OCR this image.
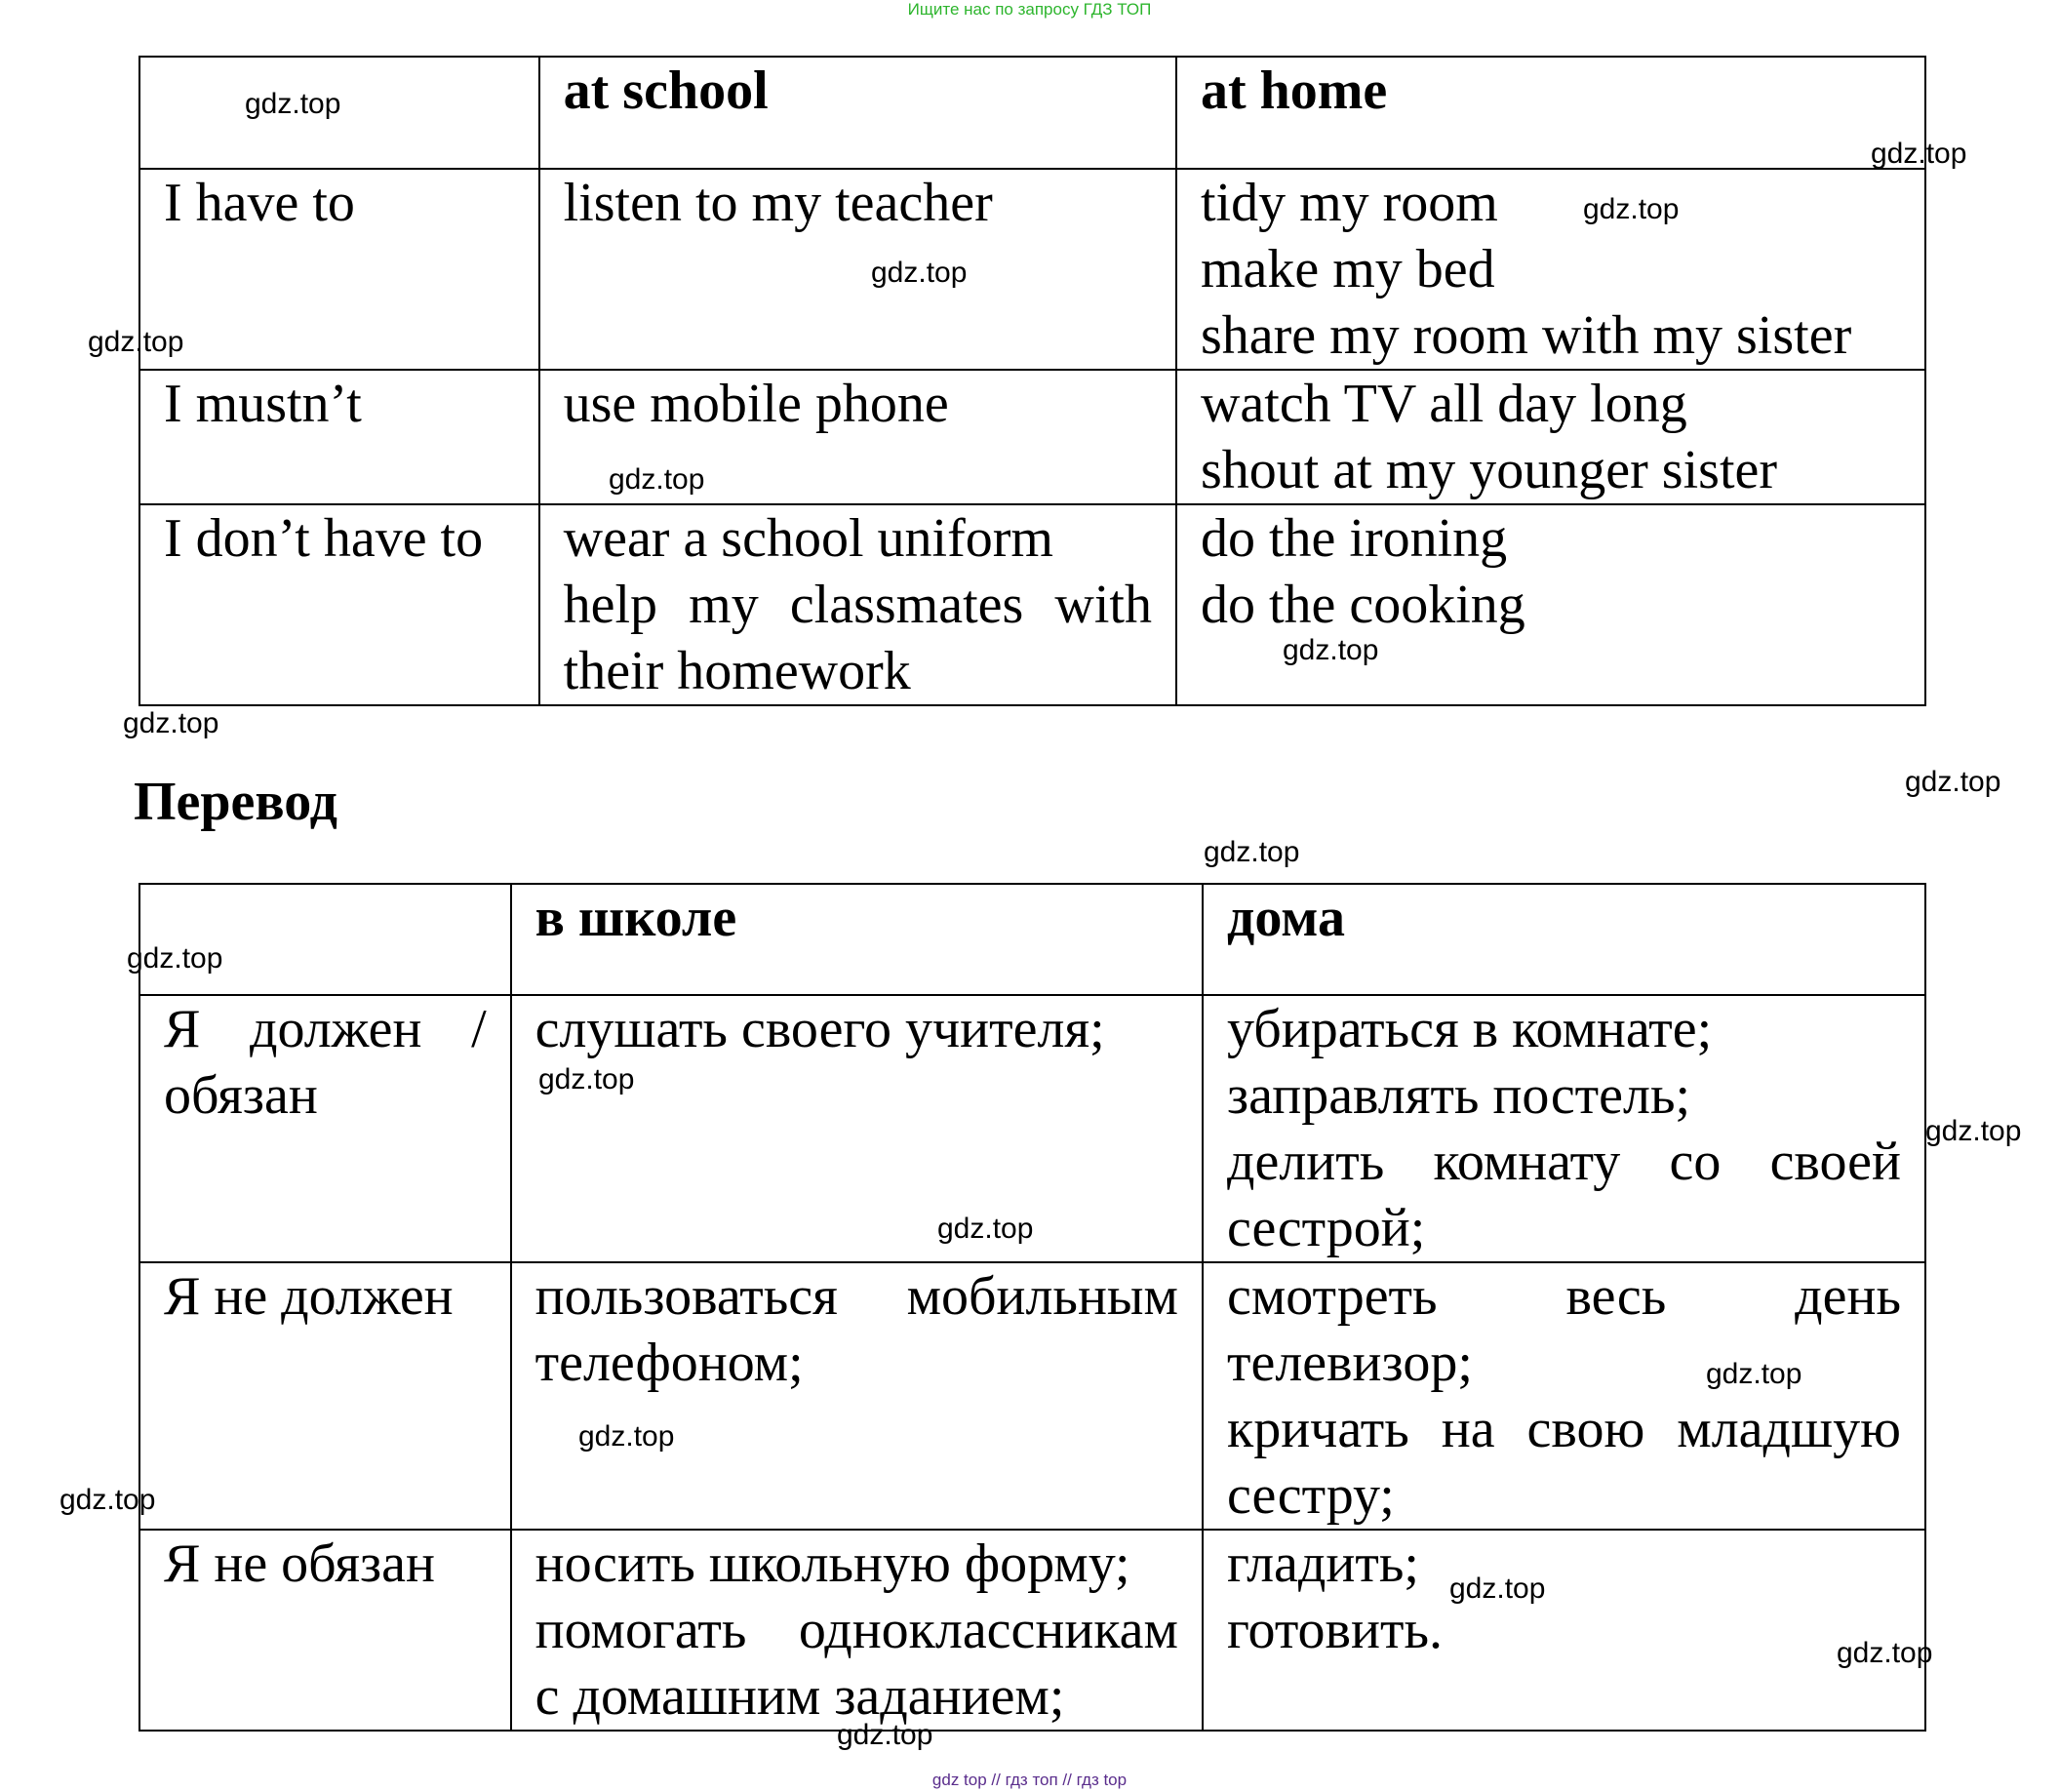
Ищите нас по запросу ГДЗ ТОП
	at school	at home
I have to	listen to my teacher	tidy my room
make my bed
share my room with my sister

I mustn’t	use mobile phone	watch TV all day long
shout at my younger sister

I don’t have to	wear a school uniform
help my classmates with
their homework	do the ironing
do the cooking
Перевод
	в школе	дома

Я должен /
обязан	слушать своего учителя;	убираться в комнате;
заправлять постель;
делить комнату со своей
сестрой;

Я не должен	пользоваться мобильным
телефоном;	смотреть весь день
телевизор;
кричать на свою младшую
сестру;

Я не обязан	носить школьную форму;
помогать одноклассникам
с домашним заданием;	гладить;
готовить.
gdz.top
gdz.top
gdz.top
gdz.top
gdz.top
gdz.top
gdz.top
gdz.top
gdz.top
gdz.top
gdz.top
gdz.top
gdz.top
gdz.top
gdz.top
gdz.top
gdz.top
gdz.top
gdz.top
gdz.top
gdz top // гдз топ // гдз top
